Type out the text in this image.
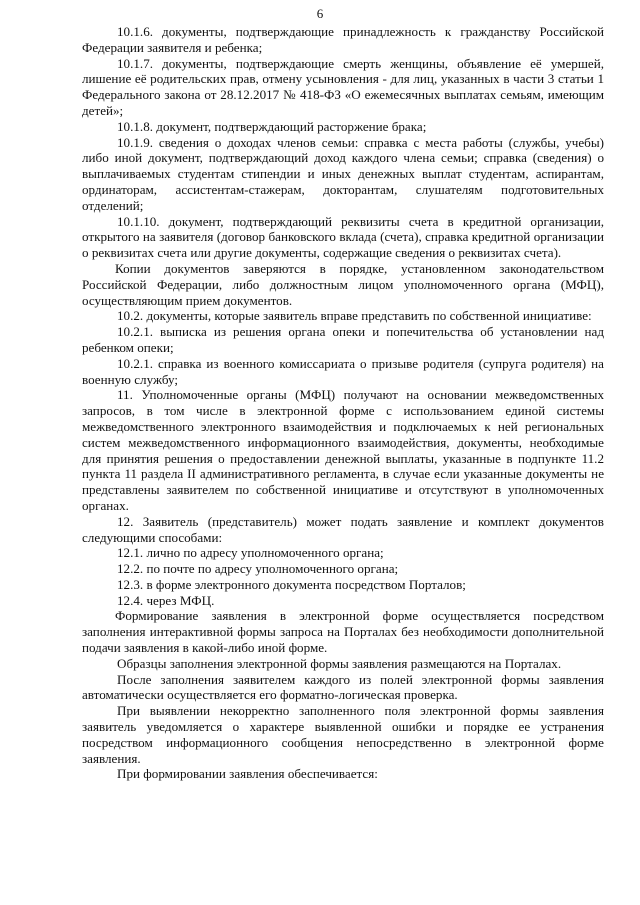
6

10.1.6. документы, подтверждающие принадлежность к гражданству Российской Федерации заявителя и ребенка;

10.1.7. документы, подтверждающие смерть женщины, объявление её умершей, лишение её родительских прав, отмену усыновления - для лиц, указанных в части 3 статьи 1 Федерального закона от 28.12.2017 № 418-ФЗ «О ежемесячных выплатах семьям, имеющим детей»;

10.1.8. документ, подтверждающий расторжение брака;

10.1.9. сведения о доходах членов семьи: справка с места работы (службы, учебы) либо иной документ, подтверждающий доход каждого члена семьи; справка (сведения) о выплачиваемых студентам стипендии и иных денежных выплат студентам, аспирантам, ординаторам, ассистентам-стажерам, докторантам, слушателям подготовительных отделений;

10.1.10. документ, подтверждающий реквизиты счета в кредитной организации, открытого на заявителя (договор банковского вклада (счета), справка кредитной организации о реквизитах счета или другие документы, содержащие сведения о реквизитах счета).

Копии документов заверяются в порядке, установленном законодательством Российской Федерации, либо должностным лицом уполномоченного органа (МФЦ), осуществляющим прием документов.

10.2. документы, которые заявитель вправе представить по собственной инициативе:

10.2.1. выписка из решения органа опеки и попечительства об установлении над ребенком опеки;

10.2.1. справка из военного комиссариата о призыве родителя (супруга родителя) на военную службу;

11. Уполномоченные органы (МФЦ) получают на основании межведомственных запросов, в том числе в электронной форме с использованием единой системы межведомственного электронного взаимодействия и подключаемых к ней региональных систем межведомственного информационного взаимодействия, документы, необходимые для принятия решения о предоставлении денежной выплаты, указанные в подпункте 11.2 пункта 11 раздела II административного регламента, в случае если указанные документы не представлены заявителем по собственной инициативе и отсутствуют в уполномоченных органах.

12. Заявитель (представитель) может подать заявление и комплект документов следующими способами:

12.1. лично по адресу уполномоченного органа;

12.2. по почте по адресу уполномоченного органа;

12.3. в форме электронного документа посредством Порталов;

12.4. через МФЦ.

Формирование заявления в электронной форме осуществляется посредством заполнения интерактивной формы запроса на Порталах без необходимости дополнительной подачи заявления в какой-либо иной форме.

Образцы заполнения электронной формы заявления размещаются на Порталах.

После заполнения заявителем каждого из полей электронной формы заявления автоматически осуществляется его форматно-логическая проверка.

При выявлении некорректно заполненного поля электронной формы заявления заявитель уведомляется о характере выявленной ошибки и порядке ее устранения посредством информационного сообщения непосредственно в электронной форме заявления.

При формировании заявления обеспечивается:
